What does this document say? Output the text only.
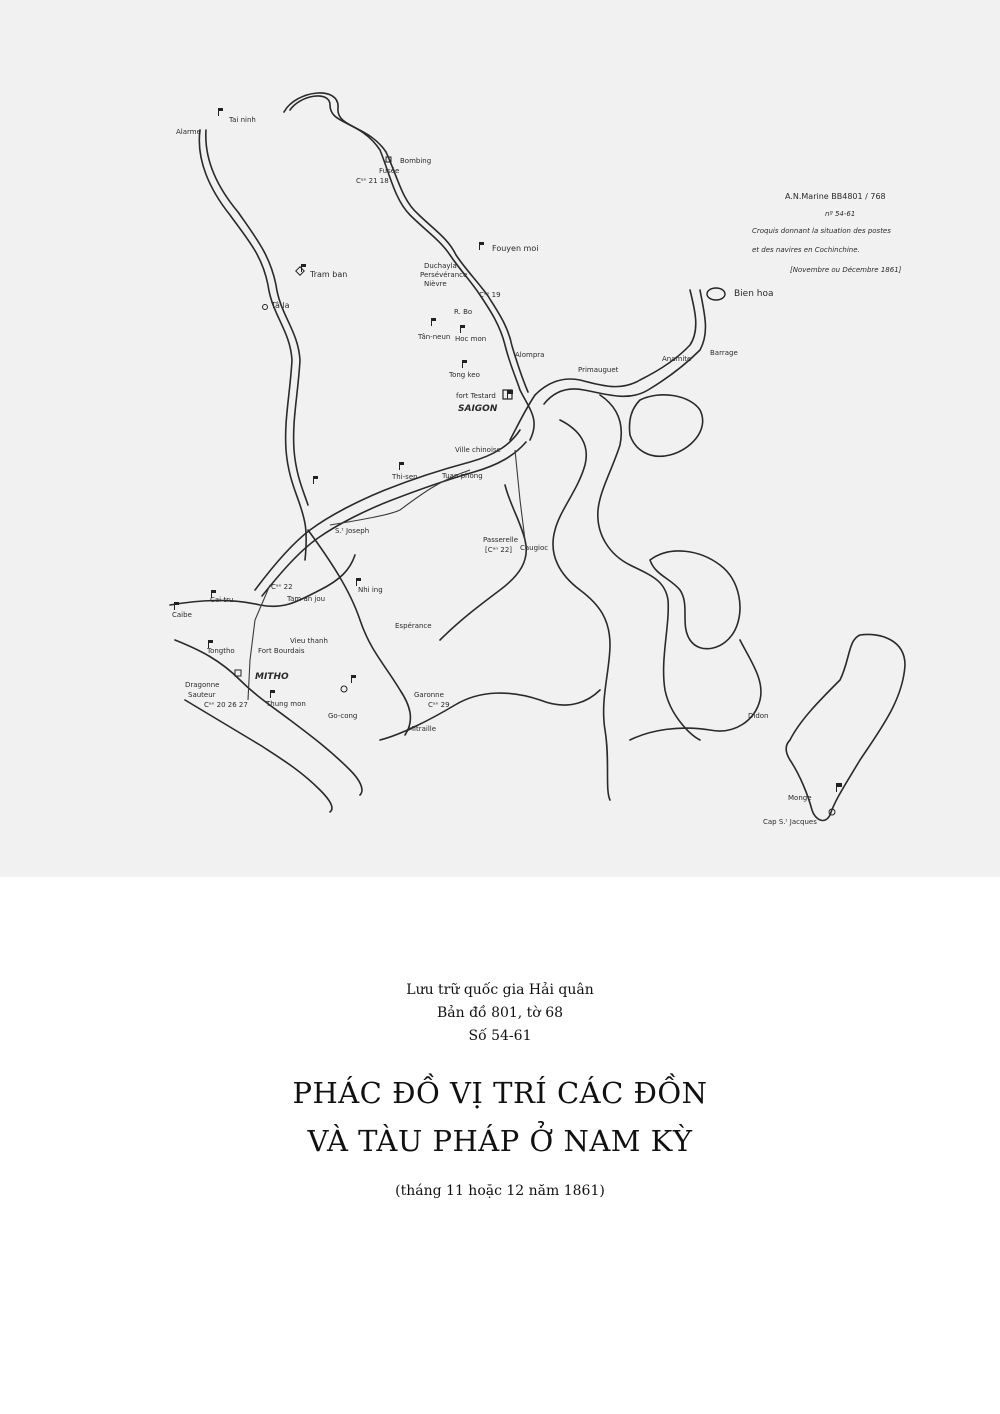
A.N.Marine BB4801 / 768
nº 54-61
Croquis donnant la situation des postes
et des navires en Cochinchine.
[Novembre ou Décembre 1861]
Tai ninh
Alarme
Bombing
Fusée
Cᵃⁿ 21 18
Fouyen moi
Duchayla
Persévérance
Nièvre
Tram ban
Tâ la
Cᵃⁿ 19
R. Bo
Tân-neun Hoc mon
Alompra
Primauguet
Tong keo
Bien hoa
Anamite
Barrage
fort Testard
SAIGON
Ville chinoise
Thi-sen	Tuan phong
S.ᵗ Joseph
Passerelle
[Cᵃⁿ 22] Caugioc
Cai tru
Cᵃⁿ 22
Tam an jou
Nhi ing
Caibe
Espérance
Vieu thanh
Fort Bourdais
Tongtho
Dragonne
Sauteur
Cᵃⁿ 20 26 27
MITHO
Thung mon
Go-cong
Garonne
Cᵃⁿ 29
Mitraille
Didon
Monge
Cap S.ᵗ Jacques
Lưu trữ quốc gia Hải quân
Bản đồ 801, tờ 68
Số 54-61
PHÁC ĐỒ VỊ TRÍ CÁC ĐỒN
VÀ TÀU PHÁP Ở NAM KỲ
(tháng 11 hoặc 12 năm 1861)
